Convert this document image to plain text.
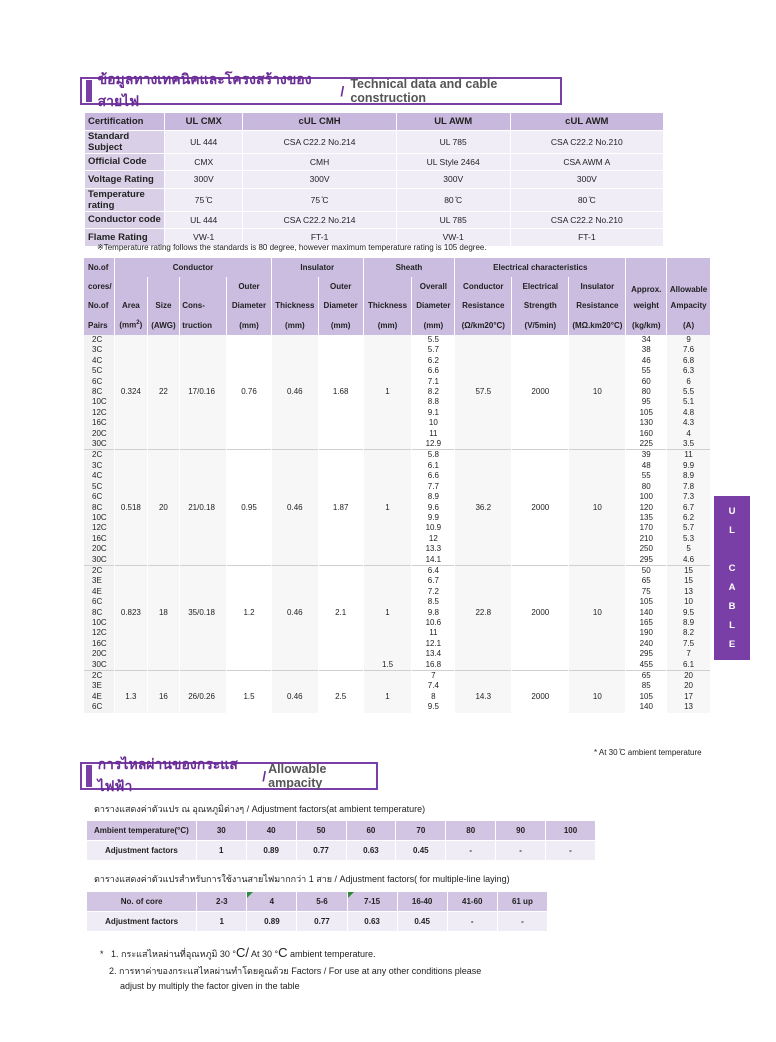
ข้อมูลทางเทคนิคและโครงสร้างของสายไฟ
/ Technical data and cable construction
Certification	UL CMX	cUL CMH	UL AWM	cUL AWM
Standard Subject	UL 444	CSA C22.2 No.214	UL 785	CSA C22.2 No.210
Official Code	CMX	CMH	UL Style 2464	CSA AWM A
Voltage Rating	300V	300V	300V	300V
Temperature rating	75 ̊C	75 ̊C	80 ̊C	80 ̊C
Conductor code	UL 444	CSA C22.2 No.214	UL 785	CSA C22.2 No.210
Flame Rating	VW-1	FT-1	VW-1	FT-1
※Temperature rating follows the standards is 80 degree, however maximum temperature rating is 105 degree.
No.of	Conductor				Insulator		Sheath		Electrical characteristics			Approx.	Allowable
cores/				Outer		Outer		Overall	Conductor	Electrical	Insulator		
No.of	Area	Size	Cons-	Diameter	Thickness	Diameter	Thickness	Diameter	Resistance	Strength	Resistance	weight	Ampacity
Pairs	$(mm^2)$	(AWG)	truction	(mm)	(mm)	(mm)	(mm)	(mm)	(Ω/km20°C)	(V/5min)	(MΩ.km20°C)	(kg/km)	(A)
2C								5.5				34	9
3C								5.7				38	7.6
4C								6.2				46	6.8
5C								6.6				55	6.3
6C								7.1				60	6
8C	0.324	22	17/0.16	0.76	0.46	1.68	1	8.2	57.5	2000	10	80	5.5
10C								8.8				95	5.1
12C								9.1				105	4.8
16C								10				130	4.3
20C								11				160	4
30C								12.9				225	3.5
2C								5.8				39	11
3C								6.1				48	9.9
4C								6.6				55	8.9
5C								7.7				80	7.8
6C								8.9				100	7.3
8C	0.518	20	21/0.18	0.95	0.46	1.87	1	9.6	36.2	2000	10	120	6.7
10C								9.9				135	6.2
12C								10.9				170	5.7
16C								12				210	5.3
20C								13.3				250	5
30C								14.1				295	4.6
2C								6.4				50	15
3E								6.7				65	15
4E								7.2				75	13
6C								8.5				105	10
8C	0.823	18	35/0.18	1.2	0.46	2.1	1	9.8	22.8	2000	10	140	9.5
10C								10.6				165	8.9
12C								11				190	8.2
16C								12.1				240	7.5
20C								13.4				295	7
30C							1.5	16.8				455	6.1
2C								7				65	20
3E								7.4				85	20
4E	1.3	16	26/0.26	1.5	0.46	2.5	1	8	14.3	2000	10	105	17
6C								9.5				140	13
* At 30 ̊C ambient temperature
U
L

C
A
B
L
E
การไหลผ่านของกระแสไฟฟ้า
/ Allowable ampacity
ตารางแสดงค่าตัวแปร ณ อุณหภูมิต่างๆ / Adjustment factors(at ambient temperature)
Ambient temperature(°C)	30	40	50	60	70	80	90	100
Adjustment factors	1	0.89	0.77	0.63	0.45	-	-	-
ตารางแสดงค่าตัวแปรสำหรับการใช้งานสายไฟมากกว่า 1 สาย / Adjustment factors( for multiple-line laying)
No. of core	2-3	4	5-6	7-15	16-40	41-60	61 up
Adjustment factors	1	0.89	0.77	0.63	0.45	-	-
* 1. กระแสไหลผ่านที่อุณหภูมิ 30 °C/ At 30 °C ambient temperature.
2. การหาค่าของกระแสไหลผ่านทำโดยคูณด้วย Factors / For use at any other conditions please
adjust by multiply the factor given in the table
